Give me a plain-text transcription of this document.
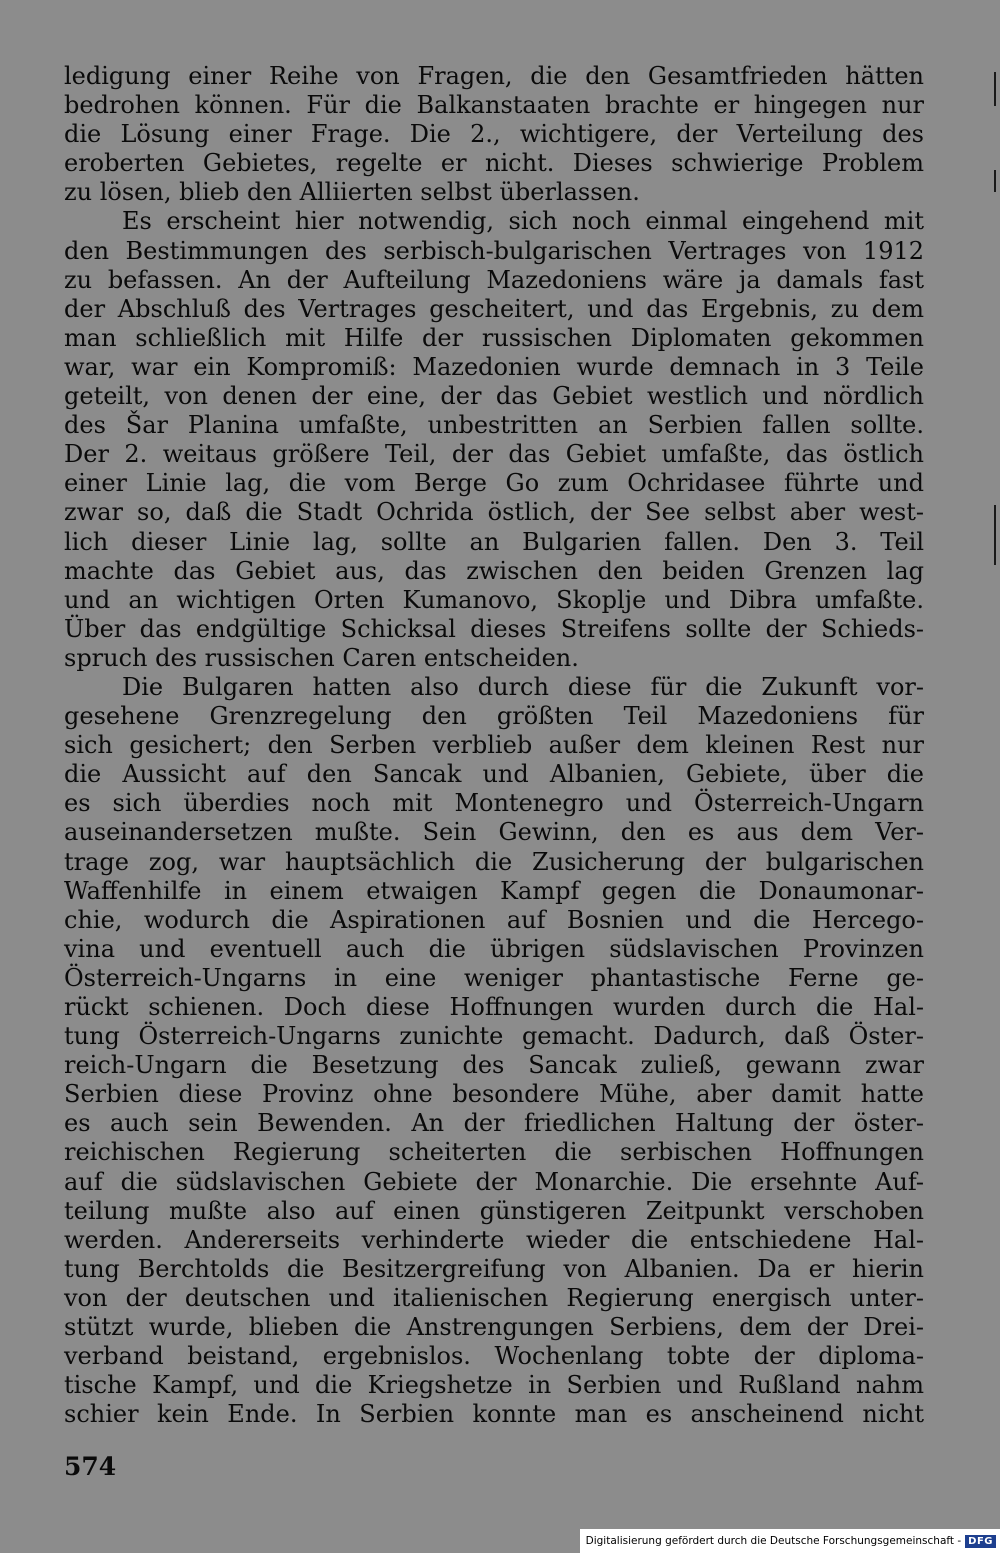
ledigung einer Reihe von Fragen, die den Gesamtfrieden hätten
bedrohen können. Für die Balkanstaaten brachte er hingegen nur
die Lösung einer Frage. Die 2., wichtigere, der Verteilung des
eroberten Gebietes, regelte er nicht. Dieses schwierige Problem
zu lösen, blieb den Alliierten selbst überlassen.
Es erscheint hier notwendig, sich noch einmal eingehend mit
den Bestimmungen des serbisch-bulgarischen Vertrages von 1912
zu befassen. An der Aufteilung Mazedoniens wäre ja damals fast
der Abschluß des Vertrages gescheitert, und das Ergebnis, zu dem
man schließlich mit Hilfe der russischen Diplomaten gekommen
war, war ein Kompromiß: Mazedonien wurde demnach in 3 Teile
geteilt, von denen der eine, der das Gebiet westlich und nördlich
des Šar Planina umfaßte, unbestritten an Serbien fallen sollte.
Der 2. weitaus größere Teil, der das Gebiet umfaßte, das östlich
einer Linie lag, die vom Berge Go zum Ochridasee führte und
zwar so, daß die Stadt Ochrida östlich, der See selbst aber west-
lich dieser Linie lag, sollte an Bulgarien fallen. Den 3. Teil
machte das Gebiet aus, das zwischen den beiden Grenzen lag
und an wichtigen Orten Kumanovo, Skoplje und Dibra umfaßte.
Über das endgültige Schicksal dieses Streifens sollte der Schieds-
spruch des russischen Caren entscheiden.
Die Bulgaren hatten also durch diese für die Zukunft vor-
gesehene Grenzregelung den größten Teil Mazedoniens für
sich gesichert; den Serben verblieb außer dem kleinen Rest nur
die Aussicht auf den Sancak und Albanien, Gebiete, über die
es sich überdies noch mit Montenegro und Österreich-Ungarn
auseinandersetzen mußte. Sein Gewinn, den es aus dem Ver-
trage zog, war hauptsächlich die Zusicherung der bulgarischen
Waffenhilfe in einem etwaigen Kampf gegen die Donaumonar-
chie, wodurch die Aspirationen auf Bosnien und die Hercego-
vina und eventuell auch die übrigen südslavischen Provinzen
Österreich-Ungarns in eine weniger phantastische Ferne ge-
rückt schienen. Doch diese Hoffnungen wurden durch die Hal-
tung Österreich-Ungarns zunichte gemacht. Dadurch, daß Öster-
reich-Ungarn die Besetzung des Sancak zuließ, gewann zwar
Serbien diese Provinz ohne besondere Mühe, aber damit hatte
es auch sein Bewenden. An der friedlichen Haltung der öster-
reichischen Regierung scheiterten die serbischen Hoffnungen
auf die südslavischen Gebiete der Monarchie. Die ersehnte Auf-
teilung mußte also auf einen günstigeren Zeitpunkt verschoben
werden. Andererseits verhinderte wieder die entschiedene Hal-
tung Berchtolds die Besitzergreifung von Albanien. Da er hierin
von der deutschen und italienischen Regierung energisch unter-
stützt wurde, blieben die Anstrengungen Serbiens, dem der Drei-
verband beistand, ergebnislos. Wochenlang tobte der diploma-
tische Kampf, und die Kriegshetze in Serbien und Rußland nahm
schier kein Ende. In Serbien konnte man es anscheinend nicht
574
Digitalisierung gefördert durch die Deutsche Forschungsgemeinschaft - DFG
